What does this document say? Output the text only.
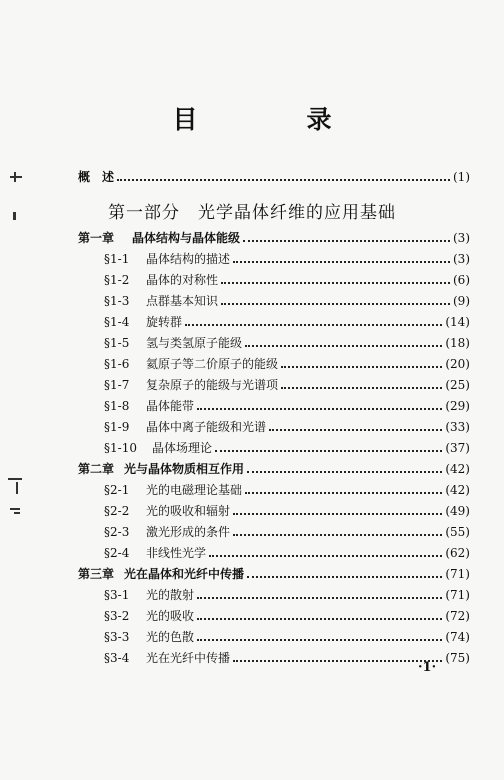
目　录
概　述	(1)
第一部分　光学晶体纤维的应用基础
第一章	晶体结构与晶体能级	(3)
§1-1	晶体结构的描述	(3)
§1-2	晶体的对称性	(6)
§1-3	点群基本知识	(9)
§1-4	旋转群	(14)
§1-5	氢与类氢原子能级	(18)
§1-6	氦原子等二价原子的能级	(20)
§1-7	复杂原子的能级与光谱项	(25)
§1-8	晶体能带	(29)
§1-9	晶体中离子能级和光谱	(33)
§1-10	晶体场理论	(37)
第二章 光与晶体物质相互作用	(42)
§2-1	光的电磁理论基础	(42)
§2-2	光的吸收和辐射	(49)
§2-3	激光形成的条件	(55)
§2-4	非线性光学	(62)
第三章 光在晶体和光纤中传播	(71)
§3-1	光的散射	(71)
§3-2	光的吸收	(72)
§3-3	光的色散	(74)
§3-4	光在光纤中传播	(75)
·1·
